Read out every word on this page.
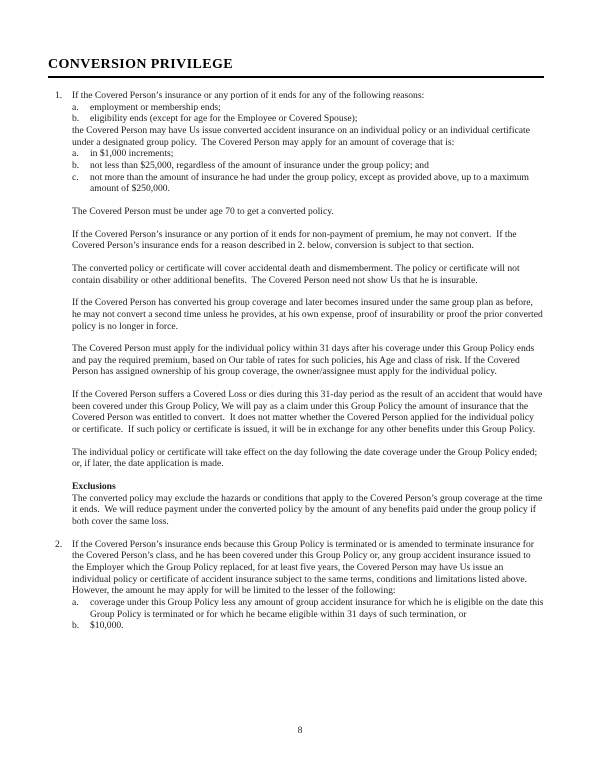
CONVERSION PRIVILEGE
1. If the Covered Person’s insurance or any portion of it ends for any of the following reasons:
a. employment or membership ends;
b. eligibility ends (except for age for the Employee or Covered Spouse);
the Covered Person may have Us issue converted accident insurance on an individual policy or an individual certificate under a designated group policy.  The Covered Person may apply for an amount of coverage that is:
a. in $1,000 increments;
b. not less than $25,000, regardless of the amount of insurance under the group policy; and
c. not more than the amount of insurance he had under the group policy, except as provided above, up to a maximum amount of $250,000.

The Covered Person must be under age 70 to get a converted policy.

If the Covered Person’s insurance or any portion of it ends for non-payment of premium, he may not convert.  If the Covered Person’s insurance ends for a reason described in 2. below, conversion is subject to that section.

The converted policy or certificate will cover accidental death and dismemberment. The policy or certificate will not contain disability or other additional benefits.  The Covered Person need not show Us that he is insurable.

If the Covered Person has converted his group coverage and later becomes insured under the same group plan as before, he may not convert a second time unless he provides, at his own expense, proof of insurability or proof the prior converted policy is no longer in force.

The Covered Person must apply for the individual policy within 31 days after his coverage under this Group Policy ends and pay the required premium, based on Our table of rates for such policies, his Age and class of risk. If the Covered Person has assigned ownership of his group coverage, the owner/assignee must apply for the individual policy.

If the Covered Person suffers a Covered Loss or dies during this 31-day period as the result of an accident that would have been covered under this Group Policy, We will pay as a claim under this Group Policy the amount of insurance that the Covered Person was entitled to convert.  It does not matter whether the Covered Person applied for the individual policy or certificate.  If such policy or certificate is issued, it will be in exchange for any other benefits under this Group Policy.

The individual policy or certificate will take effect on the day following the date coverage under the Group Policy ended; or, if later, the date application is made.

Exclusions

The converted policy may exclude the hazards or conditions that apply to the Covered Person’s group coverage at the time it ends.  We will reduce payment under the converted policy by the amount of any benefits paid under the group policy if both cover the same loss.

2. If the Covered Person’s insurance ends because this Group Policy is terminated or is amended to terminate insurance for the Covered Person’s class, and he has been covered under this Group Policy or, any group accident insurance issued to the Employer which the Group Policy replaced, for at least five years, the Covered Person may have Us issue an individual policy or certificate of accident insurance subject to the same terms, conditions and limitations listed above.  However, the amount he may apply for will be limited to the lesser of the following:
a. coverage under this Group Policy less any amount of group accident insurance for which he is eligible on the date this Group Policy is terminated or for which he became eligible within 31 days of such termination, or
b. $10,000.
8
